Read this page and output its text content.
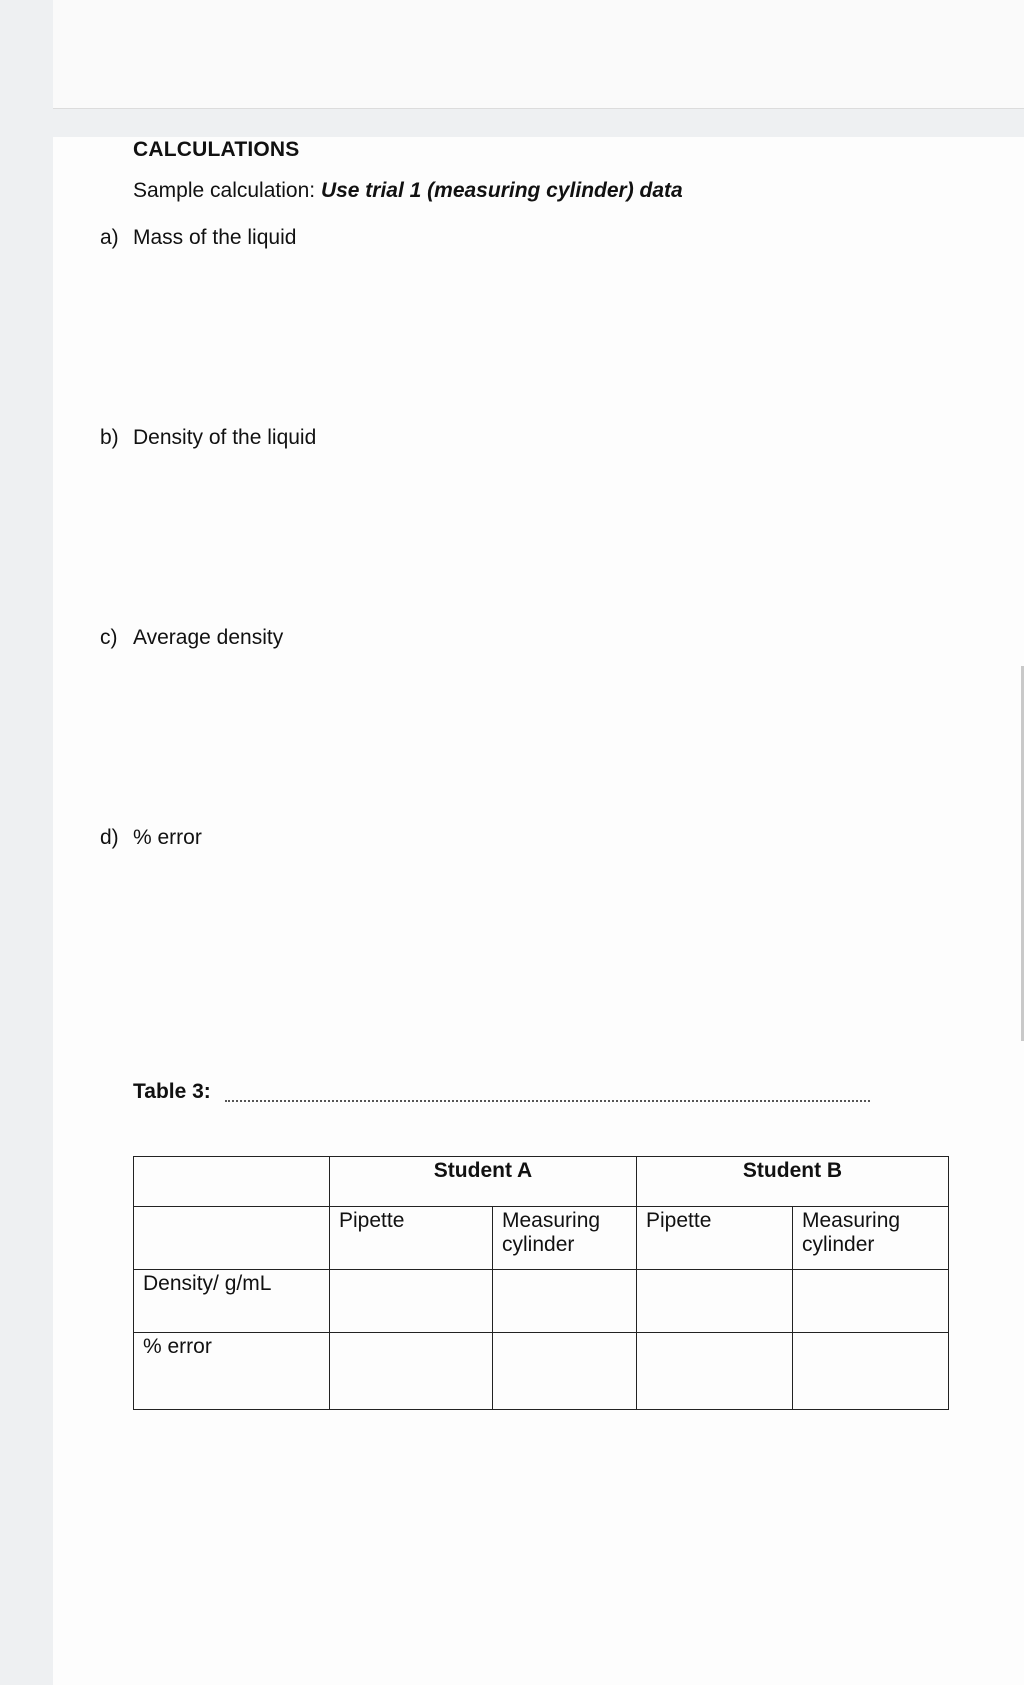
CALCULATIONS
Sample calculation: Use trial 1 (measuring cylinder) data
a) Mass of the liquid
b) Density of the liquid
c) Average density
d) % error
Table 3:
	Student A		Student B	
	Pipette	Measuring cylinder	Pipette	Measuring cylinder
Density/ g/mL				
% error				
